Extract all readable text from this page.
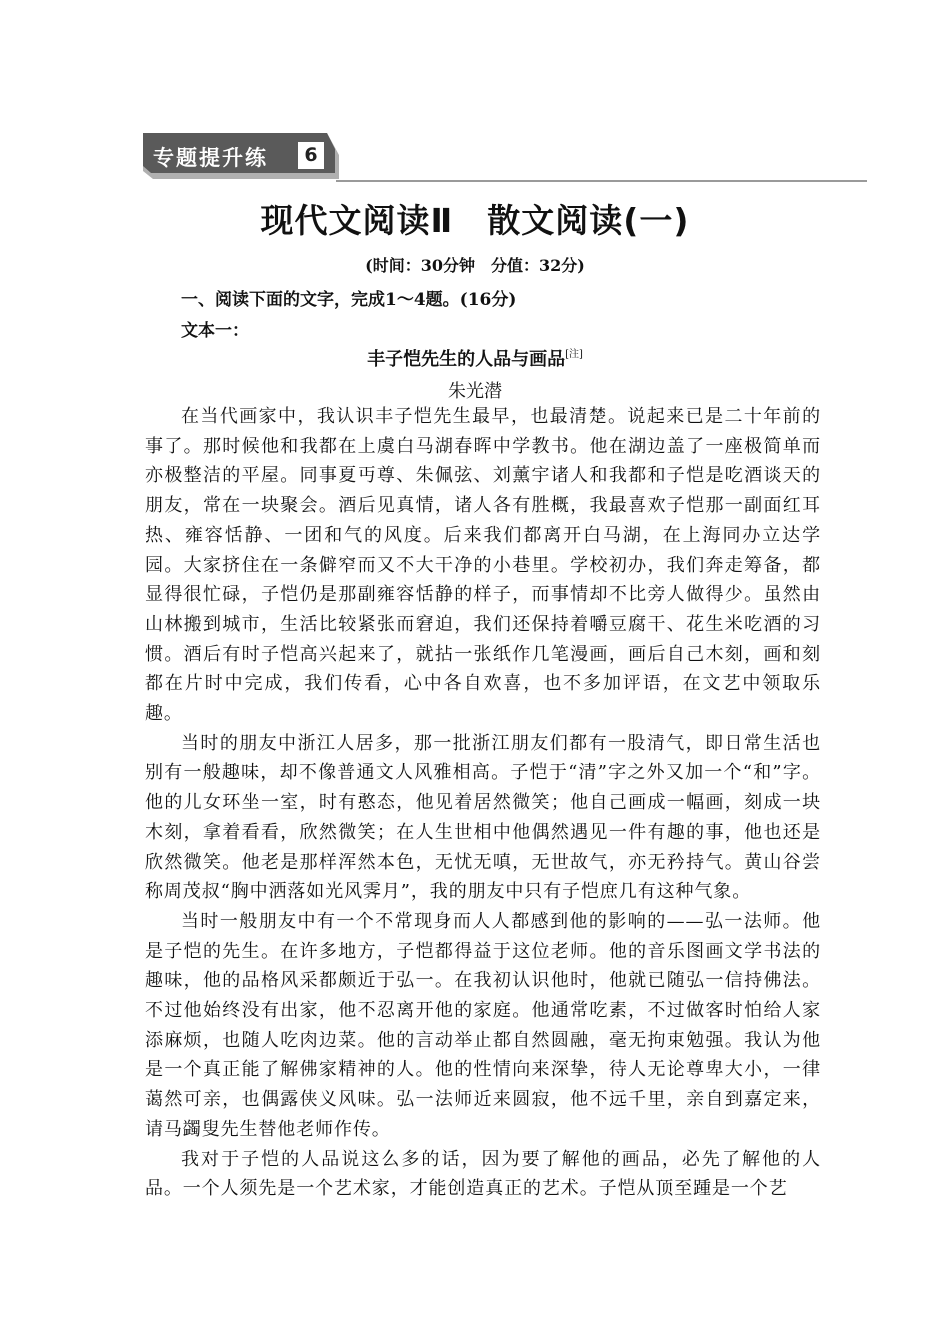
专题提升练	6
现代文阅读Ⅱ　散文阅读(一)
(时间：30分钟　分值：32分)
一、阅读下面的文字，完成1～4题。(16分)
文本一：
丰子恺先生的人品与画品[注]
朱光潜

在当代画家中，我认识丰子恺先生最早，也最清楚。说起来已是二十年前的事了。那时候他和我都在上虞白马湖春晖中学教书。他在湖边盖了一座极简单而亦极整洁的平屋。同事夏丏尊、朱佩弦、刘薰宇诸人和我都和子恺是吃酒谈天的朋友，常在一块聚会。酒后见真情，诸人各有胜概，我最喜欢子恺那一副面红耳热、雍容恬静、一团和气的风度。后来我们都离开白马湖，在上海同办立达学园。大家挤住在一条僻窄而又不大干净的小巷里。学校初办，我们奔走筹备，都显得很忙碌，子恺仍是那副雍容恬静的样子，而事情却不比旁人做得少。虽然由山林搬到城市，生活比较紧张而窘迫，我们还保持着嚼豆腐干、花生米吃酒的习惯。酒后有时子恺高兴起来了，就拈一张纸作几笔漫画，画后自己木刻，画和刻都在片时中完成，我们传看，心中各自欢喜，也不多加评语，在文艺中领取乐趣。

当时的朋友中浙江人居多，那一批浙江朋友们都有一股清气，即日常生活也别有一般趣味，却不像普通文人风雅相高。子恺于“清”字之外又加一个“和”字。他的儿女环坐一室，时有憨态，他见着居然微笑；他自己画成一幅画，刻成一块木刻，拿着看看，欣然微笑；在人生世相中他偶然遇见一件有趣的事，他也还是欣然微笑。他老是那样浑然本色，无忧无嗔，无世故气，亦无矜持气。黄山谷尝称周茂叔“胸中洒落如光风霁月”，我的朋友中只有子恺庶几有这种气象。

当时一般朋友中有一个不常现身而人人都感到他的影响的——弘一法师。他是子恺的先生。在许多地方，子恺都得益于这位老师。他的音乐图画文学书法的趣味，他的品格风采都颇近于弘一。在我初认识他时，他就已随弘一信持佛法。不过他始终没有出家，他不忍离开他的家庭。他通常吃素，不过做客时怕给人家添麻烦，也随人吃肉边菜。他的言动举止都自然圆融，毫无拘束勉强。我认为他是一个真正能了解佛家精神的人。他的性情向来深挚，待人无论尊卑大小，一律蔼然可亲，也偶露侠义风味。弘一法师近来圆寂，他不远千里，亲自到嘉定来，请马蠲叟先生替他老师作传。

我对于子恺的人品说这么多的话，因为要了解他的画品，必先了解他的人品。一个人须先是一个艺术家，才能创造真正的艺术。子恺从顶至踵是一个艺
